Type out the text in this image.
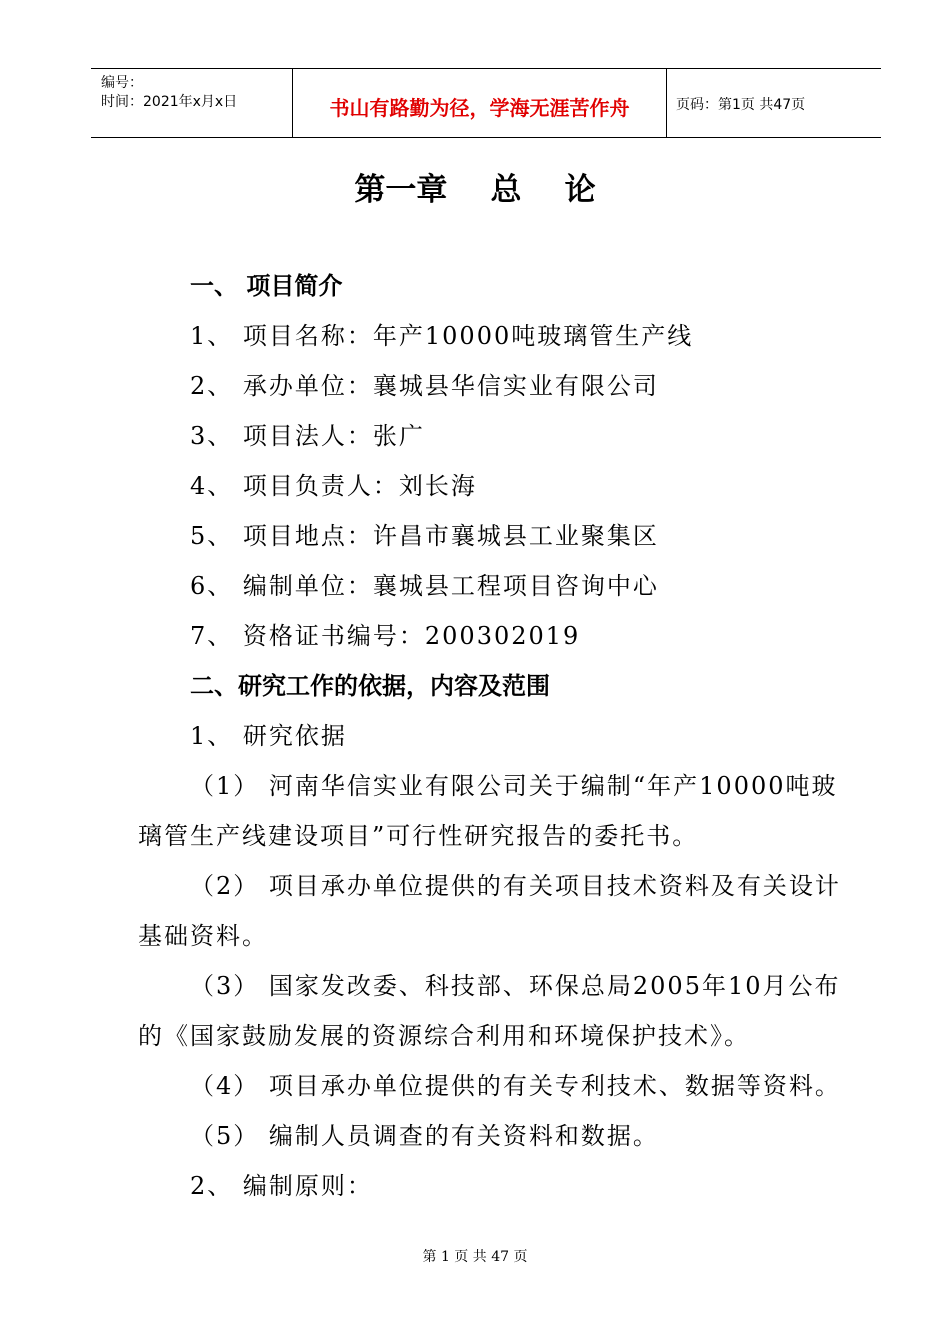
编号：
时间：2021年x月x日	书山有路勤为径，学海无涯苦作舟	页码：第1页 共47页
第一章    总    论
一、 项目简介
1、 项目名称：年产10000吨玻璃管生产线
2、 承办单位：襄城县华信实业有限公司
3、 项目法人：张广
4、 项目负责人：刘长海
5、 项目地点：许昌市襄城县工业聚集区
6、 编制单位：襄城县工程项目咨询中心
7、 资格证书编号：200302019
二、研究工作的依据，内容及范围
1、 研究依据
（1） 河南华信实业有限公司关于编制“年产10000吨玻
璃管生产线建设项目”可行性研究报告的委托书。
（2） 项目承办单位提供的有关项目技术资料及有关设计
基础资料。
（3） 国家发改委、科技部、环保总局2005年10月公布
的《国家鼓励发展的资源综合利用和环境保护技术》。
（4） 项目承办单位提供的有关专利技术、数据等资料。
（5） 编制人员调查的有关资料和数据。
2、 编制原则：
第 1 页 共 47 页
